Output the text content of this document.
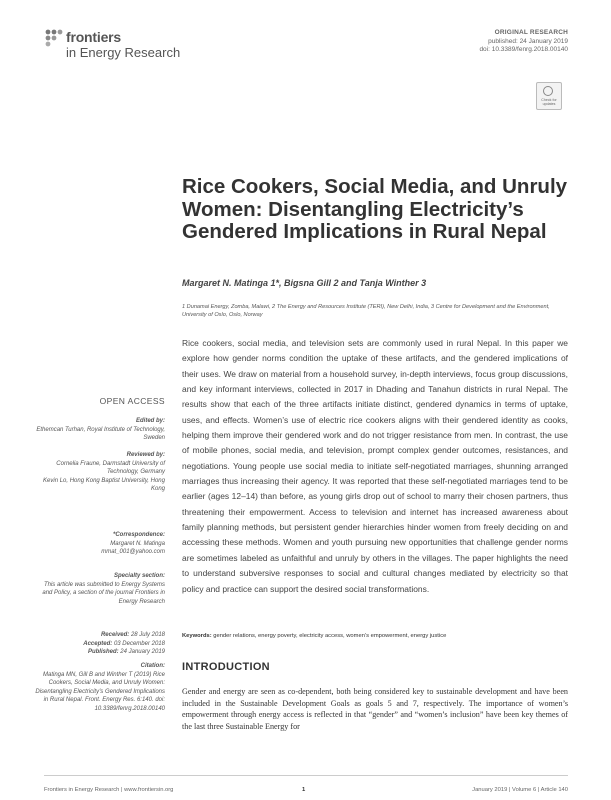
frontiers
in Energy Research
ORIGINAL RESEARCH
published: 24 January 2019
doi: 10.3389/fenrg.2018.00140
Check for updates
Rice Cookers, Social Media, and Unruly Women: Disentangling Electricity’s Gendered Implications in Rural Nepal
Margaret N. Matinga 1*, Bigsna Gill 2 and Tanja Winther 3
1 Dunamai Energy, Zomba, Malawi, 2 The Energy and Resources Institute (TERI), New Delhi, India, 3 Centre for Development and the Environment, University of Oslo, Oslo, Norway
OPEN ACCESS
Edited by:
Ethemcan Turhan, Royal Institute of Technology, Sweden
Reviewed by:
Cornelia Fraune, Darmstadt University of Technology, Germany
Kevin Lo, Hong Kong Baptist University, Hong Kong
*Correspondence:
Margaret N. Matinga
mmat_001@yahoo.com
Specialty section:
This article was submitted to Energy Systems and Policy, a section of the journal Frontiers in Energy Research
Received: 28 July 2018
Accepted: 03 December 2018
Published: 24 January 2019
Citation:
Matinga MN, Gill B and Winther T (2019) Rice Cookers, Social Media, and Unruly Women: Disentangling Electricity’s Gendered Implications in Rural Nepal. Front. Energy Res. 6:140. doi: 10.3389/fenrg.2018.00140
Rice cookers, social media, and television sets are commonly used in rural Nepal. In this paper we explore how gender norms condition the uptake of these artifacts, and the gendered implications of their uses. We draw on material from a household survey, in-depth interviews, focus group discussions, and key informant interviews, collected in 2017 in Dhading and Tanahun districts in rural Nepal. The results show that each of the three artifacts initiate distinct, gendered dynamics in terms of uptake, uses, and effects. Women’s use of electric rice cookers aligns with their gendered identity as cooks, helping them improve their gendered work and do not trigger resistance from men. In contrast, the use of mobile phones, social media, and television, prompt complex gender outcomes, resistances, and negotiations. Young people use social media to initiate self-negotiated marriages, shunning arranged marriages thus increasing their agency. It was reported that these self-negotiated marriages tend to be earlier (ages 12–14) than before, as young girls drop out of school to marry their chosen partners, thus threatening their empowerment. Access to television and internet has increased awareness about family planning methods, but persistent gender hierarchies hinder women from freely deciding on and accessing these methods. Women and youth pursuing new opportunities that challenge gender norms are sometimes labeled as unfaithful and unruly by others in the villages. The paper highlights the need to understand subversive responses to social and cultural changes mediated by electricity so that policy and practice can support the desired social transformations.
Keywords: gender relations, energy poverty, electricity access, women’s empowerment, energy justice
INTRODUCTION
Gender and energy are seen as co-dependent, both being considered key to sustainable development and have been included in the Sustainable Development Goals as goals 5 and 7, respectively. The importance of women’s empowerment through energy access is reflected in that “gender” and “women’s inclusion” have been key themes of the last three Sustainable Energy for
Frontiers in Energy Research | www.frontiersin.org	1	January 2019 | Volume 6 | Article 140
